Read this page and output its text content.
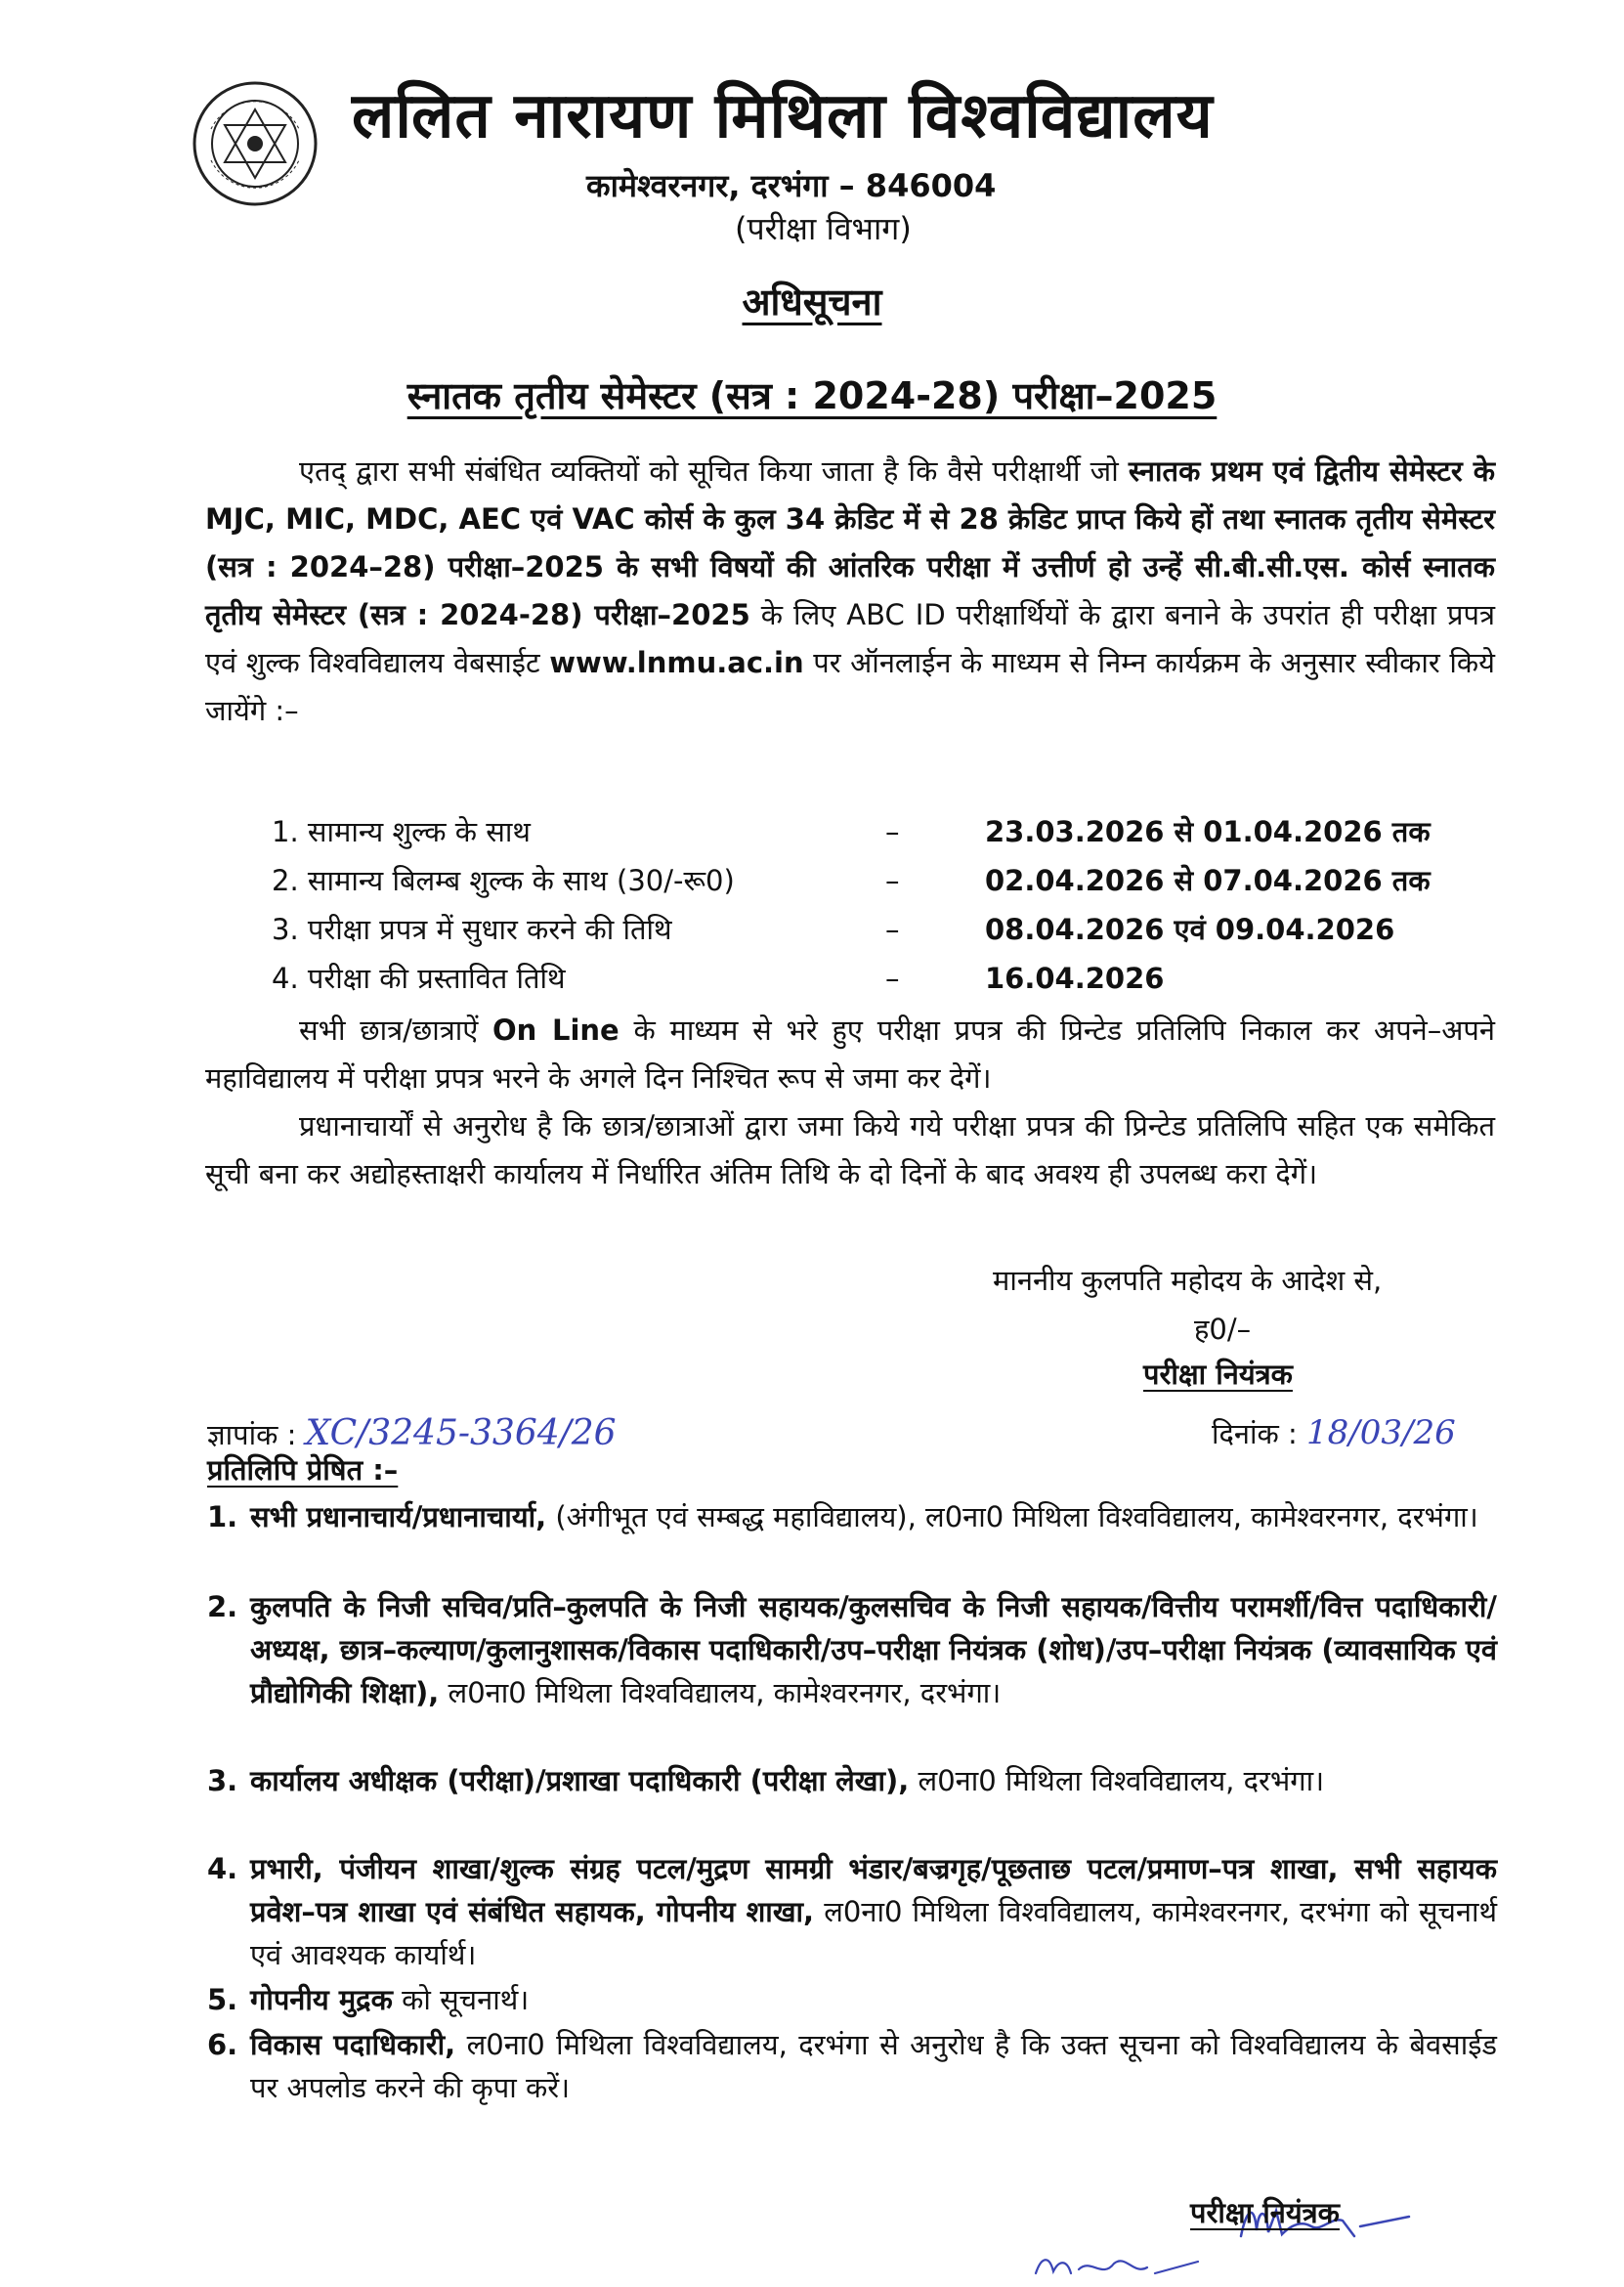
ललित नारायण मिथिला विश्वविद्यालय
कामेश्वरनगर, दरभंगा – 846004
(परीक्षा विभाग)
अधिसूचना
स्नातक तृतीय सेमेस्टर (सत्र : 2024-28) परीक्षा–2025
एतद् द्वारा सभी संबंधित व्यक्तियों को सूचित किया जाता है कि वैसे परीक्षार्थी जो स्नातक प्रथम एवं द्वितीय सेमेस्टर के MJC, MIC, MDC, AEC एवं VAC कोर्स के कुल 34 क्रेडिट में से 28 क्रेडिट प्राप्त किये हों तथा स्नातक तृतीय सेमेस्टर (सत्र : 2024–28) परीक्षा–2025 के सभी विषयों की आंतरिक परीक्षा में उत्तीर्ण हो उन्हें सी.बी.सी.एस. कोर्स स्नातक तृतीय सेमेस्टर (सत्र : 2024-28) परीक्षा–2025 के लिए ABC ID परीक्षार्थियों के द्वारा बनाने के उपरांत ही परीक्षा प्रपत्र एवं शुल्क विश्वविद्यालय वेबसाईट www.lnmu.ac.in पर ऑनलाईन के माध्यम से निम्न कार्यक्रम के अनुसार स्वीकार किये जायेंगे :–
1. सामान्य शुल्क के साथ	–	23.03.2026 से 01.04.2026 तक
2. सामान्य बिलम्ब शुल्क के साथ (30/-रू0)	–	02.04.2026 से 07.04.2026 तक
3. परीक्षा प्रपत्र में सुधार करने की तिथि	–	08.04.2026 एवं 09.04.2026
4. परीक्षा की प्रस्तावित तिथि	–	16.04.2026
सभी छात्र/छात्राऐं On Line के माध्यम से भरे हुए परीक्षा प्रपत्र की प्रिन्टेड प्रतिलिपि निकाल कर अपने–अपने महाविद्यालय में परीक्षा प्रपत्र भरने के अगले दिन निश्चित रूप से जमा कर देगें।
प्रधानाचार्यों से अनुरोध है कि छात्र/छात्राओं द्वारा जमा किये गये परीक्षा प्रपत्र की प्रिन्टेड प्रतिलिपि सहित एक समेकित सूची बना कर अद्योहस्ताक्षरी कार्यालय में निर्धारित अंतिम तिथि के दो दिनों के बाद अवश्य ही उपलब्ध करा देगें।
माननीय कुलपति महोदय के आदेश से,
ह0/–
परीक्षा नियंत्रक
ज्ञापांक : XC/3245-3364/26	दिनांक : 18/03/26
प्रतिलिपि प्रेषित :–
1. सभी प्रधानाचार्य/प्रधानाचार्या, (अंगीभूत एवं सम्बद्ध महाविद्यालय), ल0ना0 मिथिला विश्वविद्यालय, कामेश्वरनगर, दरभंगा।
2. कुलपति के निजी सचिव/प्रति–कुलपति के निजी सहायक/कुलसचिव के निजी सहायक/वित्तीय परामर्शी/वित्त पदाधिकारी/अध्यक्ष, छात्र–कल्याण/कुलानुशासक/विकास पदाधिकारी/उप–परीक्षा नियंत्रक (शोध)/उप–परीक्षा नियंत्रक (व्यावसायिक एवं प्रौद्योगिकी शिक्षा), ल0ना0 मिथिला विश्वविद्यालय, कामेश्वरनगर, दरभंगा।
3. कार्यालय अधीक्षक (परीक्षा)/प्रशाखा पदाधिकारी (परीक्षा लेखा), ल0ना0 मिथिला विश्वविद्यालय, दरभंगा।
4. प्रभारी, पंजीयन शाखा/शुल्क संग्रह पटल/मुद्रण सामग्री भंडार/बज्रगृह/पूछताछ पटल/प्रमाण–पत्र शाखा, सभी सहायक प्रवेश–पत्र शाखा एवं संबंधित सहायक, गोपनीय शाखा, ल0ना0 मिथिला विश्वविद्यालय, कामेश्वरनगर, दरभंगा को सूचनार्थ एवं आवश्यक कार्यार्थ।
5. गोपनीय मुद्रक को सूचनार्थ।
6. विकास पदाधिकारी, ल0ना0 मिथिला विश्वविद्यालय, दरभंगा से अनुरोध है कि उक्त सूचना को विश्वविद्यालय के बेवसाईड पर अपलोड करने की कृपा करें।
परीक्षा नियंत्रक
